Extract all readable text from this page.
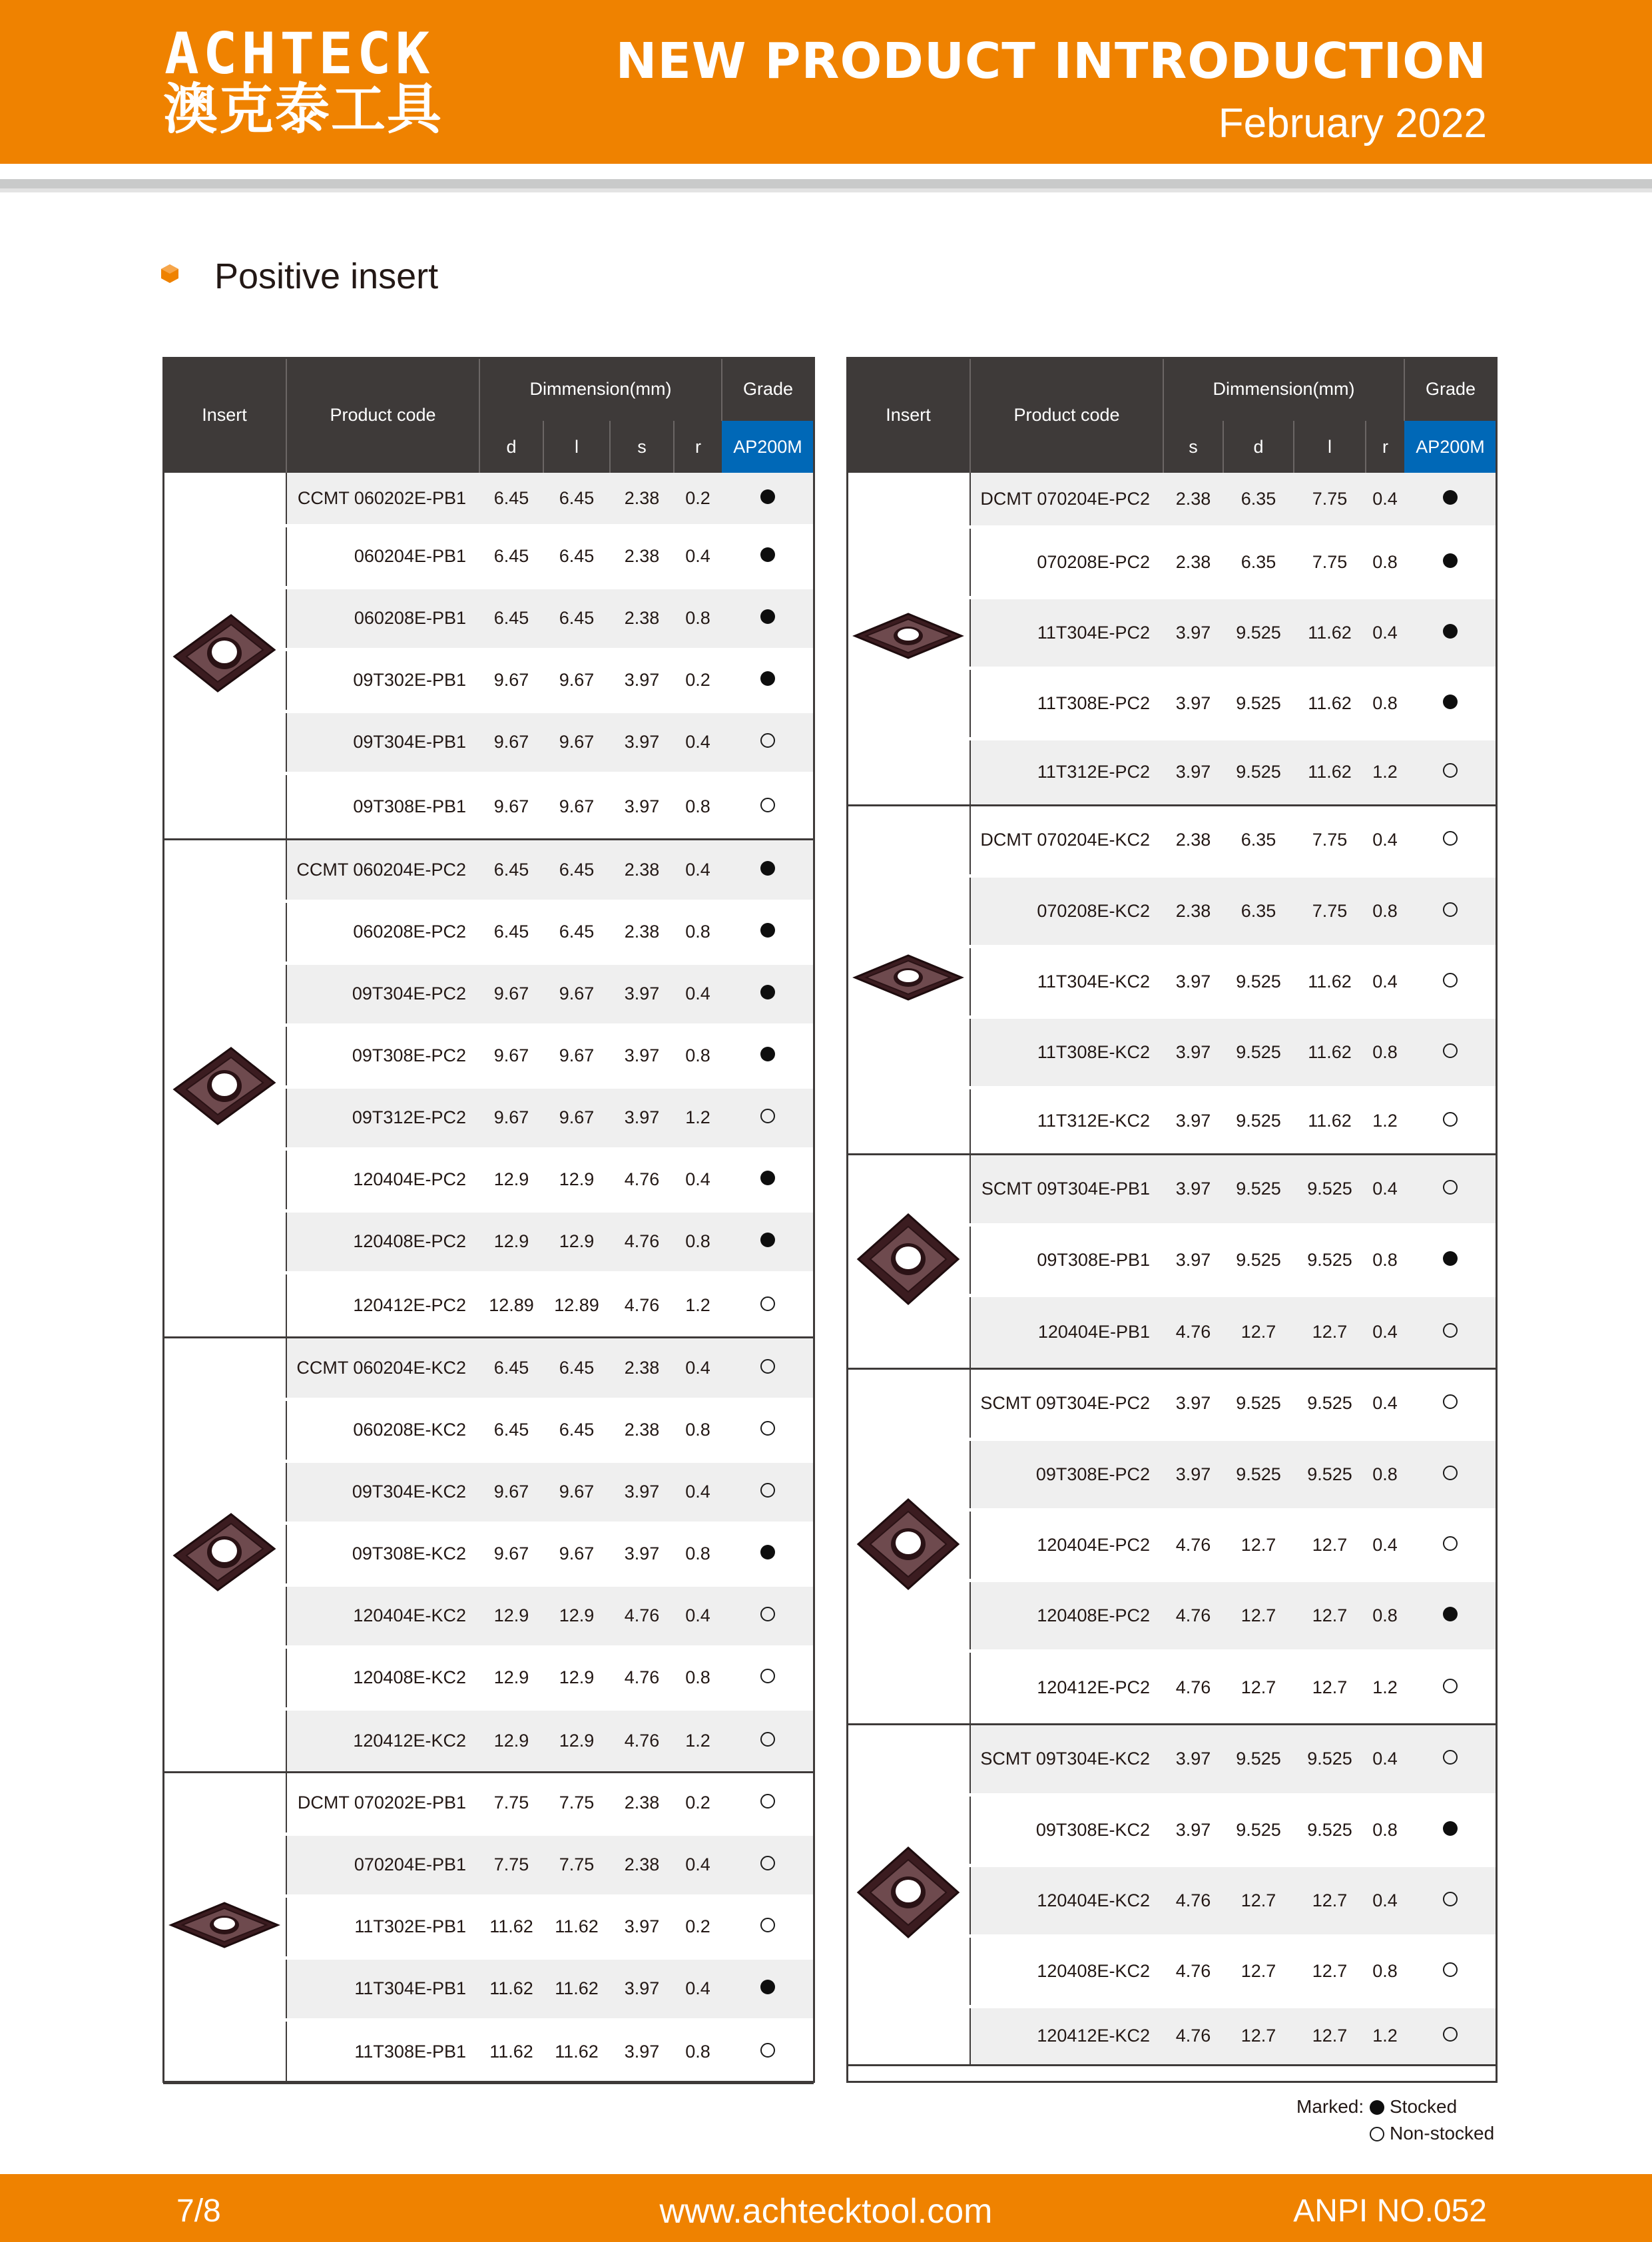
ACHTECK
澳克泰工具
NEW PRODUCT INTRODUCTION
February 2022
Positive insert
Insert	Product code	Dimmension(mm)				Grade
		d	l	s	r	AP200M
	CCMT 060202E-PB1	6.45	6.45	2.38	0.2	
	060204E-PB1	6.45	6.45	2.38	0.4	
	060208E-PB1	6.45	6.45	2.38	0.8	
	09T302E-PB1	9.67	9.67	3.97	0.2	
	09T304E-PB1	9.67	9.67	3.97	0.4	
	09T308E-PB1	9.67	9.67	3.97	0.8	
	CCMT 060204E-PC2	6.45	6.45	2.38	0.4	
	060208E-PC2	6.45	6.45	2.38	0.8	
	09T304E-PC2	9.67	9.67	3.97	0.4	
	09T308E-PC2	9.67	9.67	3.97	0.8	
	09T312E-PC2	9.67	9.67	3.97	1.2	
	120404E-PC2	12.9	12.9	4.76	0.4	
	120408E-PC2	12.9	12.9	4.76	0.8	
	120412E-PC2	12.89	12.89	4.76	1.2	
	CCMT 060204E-KC2	6.45	6.45	2.38	0.4	
	060208E-KC2	6.45	6.45	2.38	0.8	
	09T304E-KC2	9.67	9.67	3.97	0.4	
	09T308E-KC2	9.67	9.67	3.97	0.8	
	120404E-KC2	12.9	12.9	4.76	0.4	
	120408E-KC2	12.9	12.9	4.76	0.8	
	120412E-KC2	12.9	12.9	4.76	1.2	
	DCMT 070202E-PB1	7.75	7.75	2.38	0.2	
	070204E-PB1	7.75	7.75	2.38	0.4	
	11T302E-PB1	11.62	11.62	3.97	0.2	
	11T304E-PB1	11.62	11.62	3.97	0.4	
	11T308E-PB1	11.62	11.62	3.97	0.8	
Insert	Product code	Dimmension(mm)				Grade
		s	d	l	r	AP200M
	DCMT 070204E-PC2	2.38	6.35	7.75	0.4	
	070208E-PC2	2.38	6.35	7.75	0.8	
	11T304E-PC2	3.97	9.525	11.62	0.4	
	11T308E-PC2	3.97	9.525	11.62	0.8	
	11T312E-PC2	3.97	9.525	11.62	1.2	
	DCMT 070204E-KC2	2.38	6.35	7.75	0.4	
	070208E-KC2	2.38	6.35	7.75	0.8	
	11T304E-KC2	3.97	9.525	11.62	0.4	
	11T308E-KC2	3.97	9.525	11.62	0.8	
	11T312E-KC2	3.97	9.525	11.62	1.2	
	SCMT 09T304E-PB1	3.97	9.525	9.525	0.4	
	09T308E-PB1	3.97	9.525	9.525	0.8	
	120404E-PB1	4.76	12.7	12.7	0.4	
	SCMT 09T304E-PC2	3.97	9.525	9.525	0.4	
	09T308E-PC2	3.97	9.525	9.525	0.8	
	120404E-PC2	4.76	12.7	12.7	0.4	
	120408E-PC2	4.76	12.7	12.7	0.8	
	120412E-PC2	4.76	12.7	12.7	1.2	
	SCMT 09T304E-KC2	3.97	9.525	9.525	0.4	
	09T308E-KC2	3.97	9.525	9.525	0.8	
	120404E-KC2	4.76	12.7	12.7	0.4	
	120408E-KC2	4.76	12.7	12.7	0.8	
	120412E-KC2	4.76	12.7	12.7	1.2	
Marked:	Stocked
Non-stocked
7/8	www.achtecktool.com	ANPI NO.052
